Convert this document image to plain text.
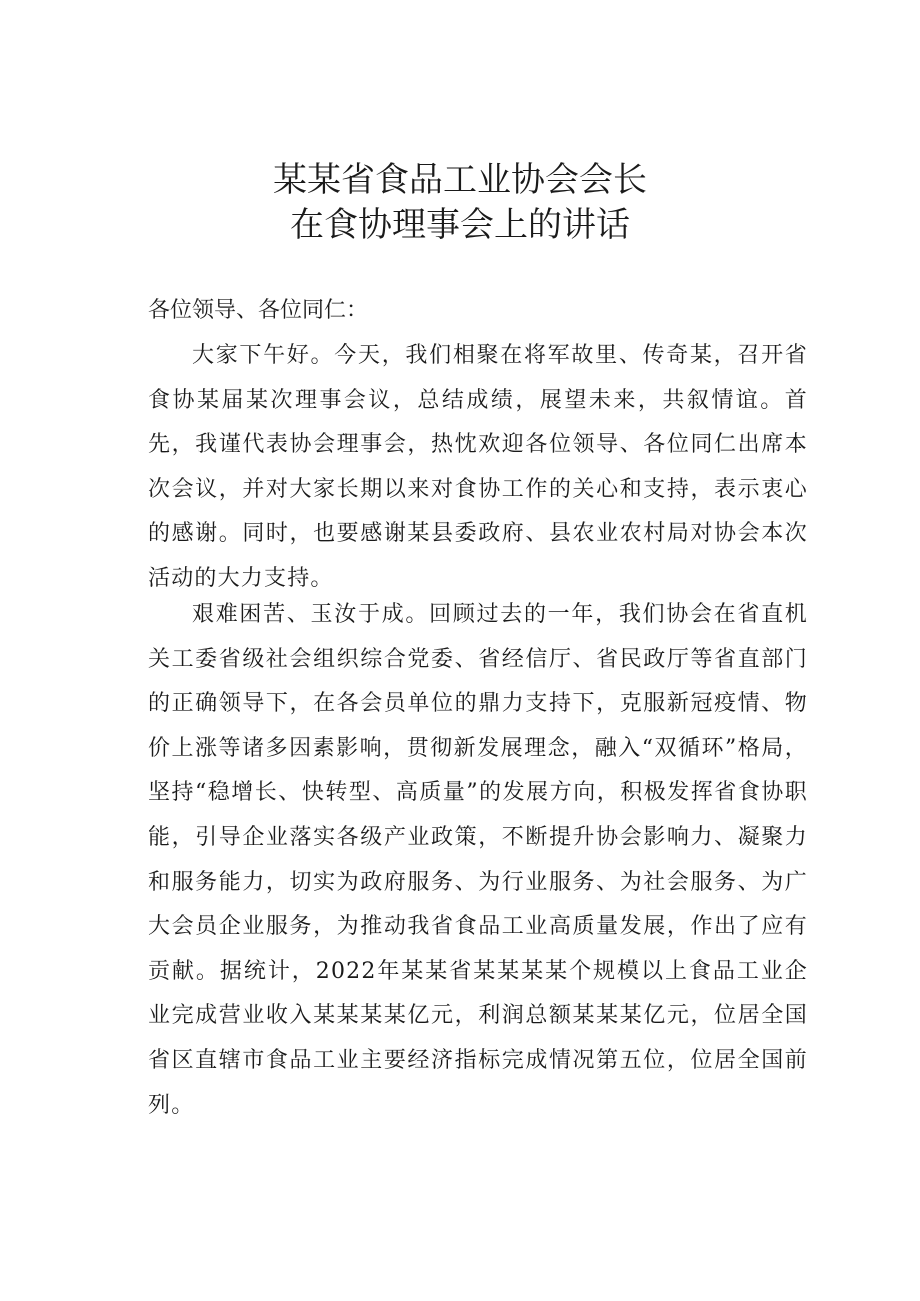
某某省食品工业协会会长
在食协理事会上的讲话
各位领导、各位同仁：

大家下午好。今天，我们相聚在将军故里、传奇某，召开省食协某届某次理事会议，总结成绩，展望未来，共叙情谊。首先，我谨代表协会理事会，热忱欢迎各位领导、各位同仁出席本次会议，并对大家长期以来对食协工作的关心和支持，表示衷心的感谢。同时，也要感谢某县委政府、县农业农村局对协会本次活动的大力支持。

艰难困苦、玉汝于成。回顾过去的一年，我们协会在省直机关工委省级社会组织综合党委、省经信厅、省民政厅等省直部门的正确领导下，在各会员单位的鼎力支持下，克服新冠疫情、物价上涨等诸多因素影响，贯彻新发展理念，融入“双循环”格局，坚持“稳增长、快转型、高质量”的发展方向，积极发挥省食协职能，引导企业落实各级产业政策，不断提升协会影响力、凝聚力和服务能力，切实为政府服务、为行业服务、为社会服务、为广大会员企业服务，为推动我省食品工业高质量发展，作出了应有贡献。据统计，2022年某某省某某某某个规模以上食品工业企业完成营业收入某某某某亿元，利润总额某某某亿元，位居全国省区直辖市食品工业主要经济指标完成情况第五位，位居全国前列。
